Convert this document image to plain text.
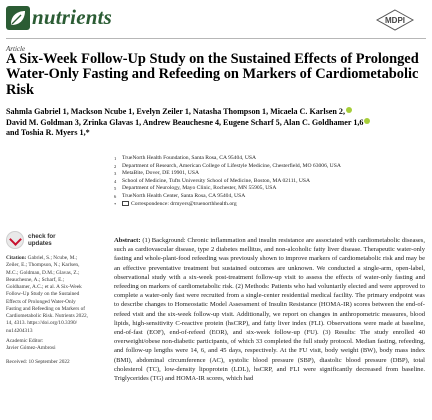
nutrients	MDPI
Article
A Six-Week Follow-Up Study on the Sustained Effects of Prolonged Water-Only Fasting and Refeeding on Markers of Cardiometabolic Risk
Sahmla Gabriel 1, Mackson Ncube 1, Evelyn Zeiler 1, Natasha Thompson 1, Micaela C. Karlsen 2,
David M. Goldman 3, Zrinka Glavas 1, Andrew Beauchesne 4, Eugene Scharf 5, Alan C. Goldhamer 1,6
and Toshia R. Myers 1,*
1	TrueNorth Health Foundation, Santa Rosa, CA 95404, USA
2	Department of Research, American College of Lifestyle Medicine, Chesterfield, MO 63006, USA
3	MetaBite, Dover, DE 19901, USA
4	School of Medicine, Tufts University School of Medicine, Boston, MA 02111, USA
5	Department of Neurology, Mayo Clinic, Rochester, MN 55905, USA
6	TrueNorth Health Center, Santa Rosa, CA 95404, USA
*	Correspondence: drmyers@truenorthhealth.org
check for
updates
Citation: Gabriel, S.; Ncube, M.;
Zeiler, E.; Thompson, N.; Karlsen,
M.C.; Goldman, D.M.; Glavas, Z.;
Beauchesne, A.; Scharf, E.;
Goldhamer, A.C.; et al. A Six-Week
Follow-Up Study on the Sustained
Effects of Prolonged Water-Only
Fasting and Refeeding on Markers of
Cardiometabolic Risk. Nutrients 2022,
14, 4313. https://doi.org/10.3390/
nu14204313
Academic Editor:
Javier Gómez-Ambrosi

Received: 10 September 2022
Abstract: (1) Background: Chronic inflammation and insulin resistance are associated with cardiometabolic diseases, such as cardiovascular disease, type 2 diabetes mellitus, and non-alcoholic fatty liver disease. Therapeutic water-only fasting and whole-plant-food refeeding was previously shown to improve markers of cardiometabolic risk and may be an effective preventative treatment but sustained outcomes are unknown. We conducted a single-arm, open-label, observational study with a six-week post-treatment follow-up visit to assess the effects of water-only fasting and refeeding on markers of cardiometabolic risk. (2) Methods: Patients who had voluntarily elected and were approved to complete a water-only fast were recruited from a single-center residential medical facility. The primary endpoint was to describe changes to Homeostatic Model Assessment of Insulin Resistance (HOMA-IR) scores between the end-of-refeed visit and the six-week follow-up visit. Additionally, we report on changes in anthropometric measures, blood lipids, high-sensitivity C-reactive protein (hsCRP), and fatty liver index (FLI). Observations were made at baseline, end-of-fast (EOF), end-of-refeed (EOR), and six-week follow-up (FU). (3) Results: The study enrolled 40 overweight/obese non-diabetic participants, of which 33 completed the full study protocol. Median fasting, refeeding, and follow-up lengths were 14, 6, and 45 days, respectively. At the FU visit, body weight (BW), body mass index (BMI), abdominal circumference (AC), systolic blood pressure (SBP), diastolic blood pressure (DBP), total cholesterol (TC), low-density lipoprotein (LDL), hsCRP, and FLI were significantly decreased from baseline. Triglycerides (TG) and HOMA-IR scores, which had
